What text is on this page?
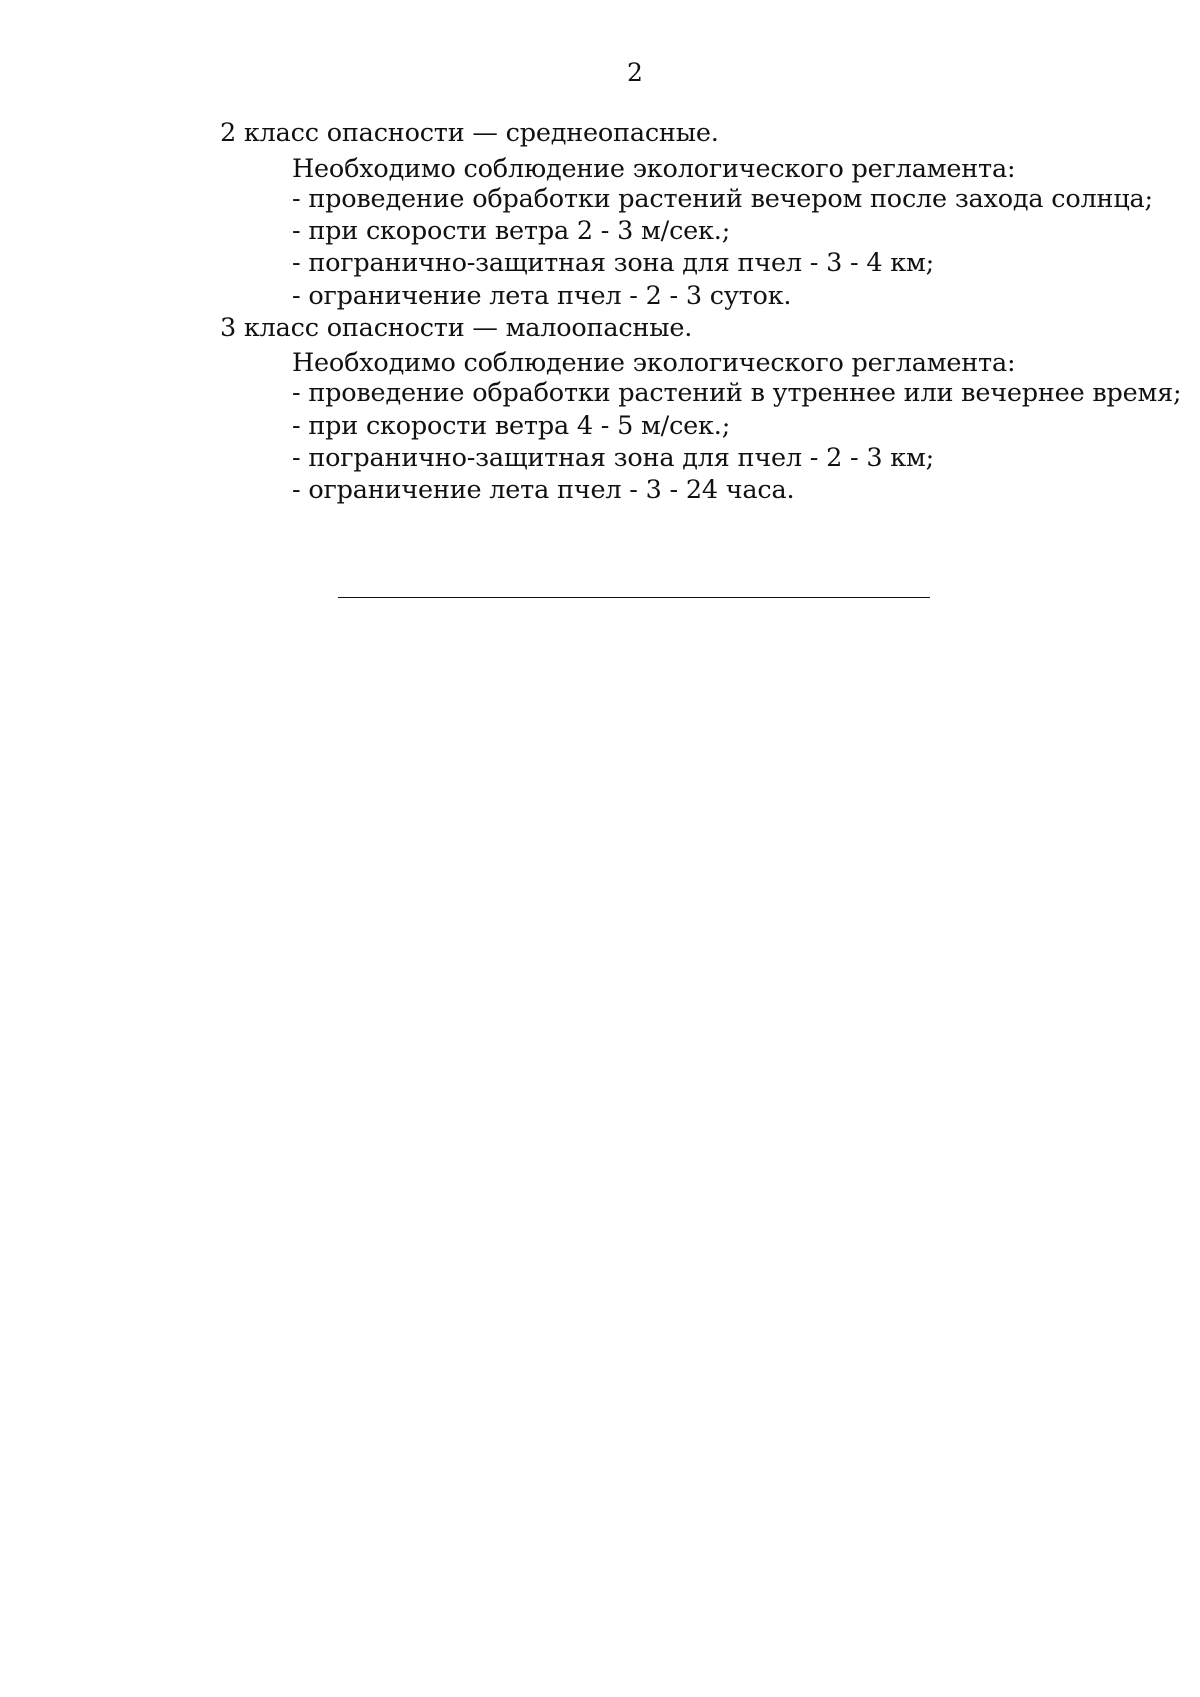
2
2 класс опасности — среднеопасные.
Необходимо соблюдение экологического регламента:
- проведение обработки растений вечером после захода солнца;
- при скорости ветра 2 - 3 м/сек.;
- погранично-защитная зона для пчел - 3 - 4 км;
- ограничение лета пчел - 2 - 3 суток.
3 класс опасности — малоопасные.
Необходимо соблюдение экологического регламента:
- проведение обработки растений в утреннее или вечернее время;
- при скорости ветра 4 - 5 м/сек.;
- погранично-защитная зона для пчел - 2 - 3 км;
- ограничение лета пчел - 3 - 24 часа.
